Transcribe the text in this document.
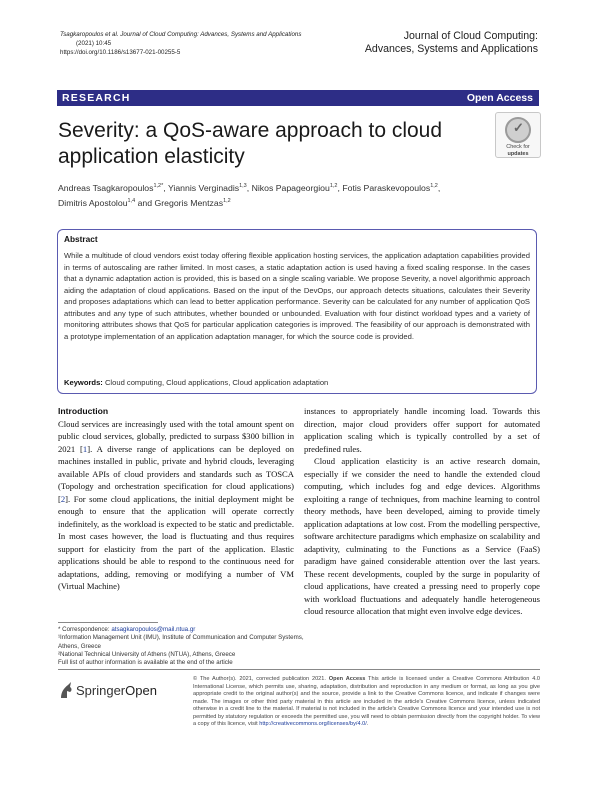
Tsagkaropoulos et al. Journal of Cloud Computing: Advances, Systems and Applications
(2021) 10:45
https://doi.org/10.1186/s13677-021-00255-5
Journal of Cloud Computing:
Advances, Systems and Applications
RESEARCH	Open Access
Severity: a QoS-aware approach to cloud
application elasticity
✓
Check for
updates
Andreas Tsagkaropoulos$^{1,2*}$, Yiannis Verginadis$^{1,3}$, Nikos Papageorgiou$^{1,2}$, Fotis Paraskevopoulos$^{1,2}$,
Dimitris Apostolou$^{1,4}$ and Gregoris Mentzas$^{1,2}$
Abstract
While a multitude of cloud vendors exist today offering flexible application hosting services, the application adaptation capabilities provided in terms of autoscaling are rather limited. In most cases, a static adaptation action is used having a fixed scaling response. In the cases that a dynamic adaptation action is provided, this is based on a single scaling variable. We propose Severity, a novel algorithmic approach aiding the adaptation of cloud applications. Based on the input of the DevOps, our approach detects situations, calculates their Severity and proposes adaptations which can lead to better application performance. Severity can be calculated for any number of application QoS attributes and any type of such attributes, whether bounded or unbounded. Evaluation with four distinct workload types and a variety of monitoring attributes shows that QoS for particular application categories is improved. The feasibility of our approach is demonstrated with a prototype implementation of an application adaptation manager, for which the source code is provided.
Keywords: Cloud computing, Cloud applications, Cloud application adaptation
Introduction

Cloud services are increasingly used with the total amount spent on public cloud services, globally, predicted to surpass $300 billion in 2021 [1]. A diverse range of applications can be deployed on machines installed in public, private and hybrid clouds, leveraging available APIs of cloud providers and standards such as TOSCA (Topology and orchestration specification for cloud applications) [2]. For some cloud applications, the initial deployment might be enough to ensure that the application will operate correctly indefinitely, as the workload is expected to be static and predictable. In most cases however, the load is fluctuating and thus requires support for elasticity from the part of the application. Elastic applications should be able to respond to the continuous need for adaptations, adding, removing or modifying a number of VM (Virtual Machine)

instances to appropriately handle incoming load. Towards this direction, major cloud providers offer support for automated application scaling which is typically controlled by a set of predefined rules.

Cloud application elasticity is an active research domain, especially if we consider the need to handle the extended cloud computing, which includes fog and edge devices. Algorithms exploiting a range of techniques, from machine learning to control theory methods, have been developed, aiming to provide timely application adaptations at low cost. From the modelling perspective, software architecture paradigms which emphasize on scalability and adaptivity, culminating to the Functions as a Service (FaaS) paradigm have gained considerable attention over the last years. These recent developments, coupled by the surge in popularity of cloud applications, have created a pressing need to properly cope with workload fluctuations and adequately handle heterogeneous cloud resource allocation that might even involve edge devices.

* Correspondence: atsagkaropoulos@mail.ntua.gr
¹Information Management Unit (IMU), Institute of Communication and Computer Systems, Athens, Greece
²National Technical University of Athens (NTUA), Athens, Greece
Full list of author information is available at the end of the article
SpringerOpen
© The Author(s). 2021, corrected publication 2021. Open Access This article is licensed under a Creative Commons Attribution 4.0 International License, which permits use, sharing, adaptation, distribution and reproduction in any medium or format, as long as you give appropriate credit to the original author(s) and the source, provide a link to the Creative Commons licence, and indicate if changes were made. The images or other third party material in this article are included in the article's Creative Commons licence, unless indicated otherwise in a credit line to the material. If material is not included in the article's Creative Commons licence and your intended use is not permitted by statutory regulation or exceeds the permitted use, you will need to obtain permission directly from the copyright holder. To view a copy of this licence, visit http://creativecommons.org/licenses/by/4.0/.
